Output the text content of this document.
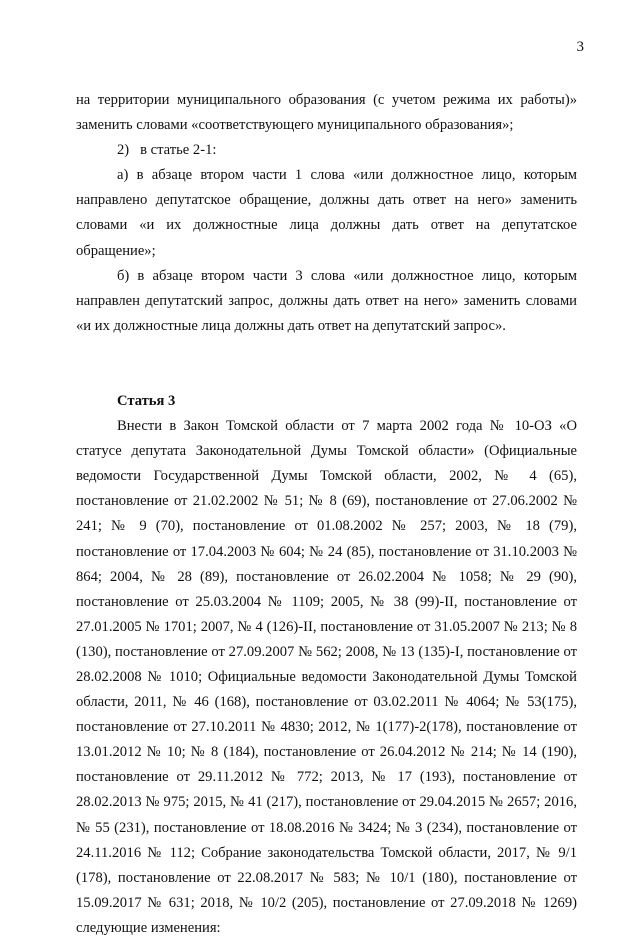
3

на территории муниципального образования (с учетом режима их работы)» заменить словами «соответствующего муниципального образования»;

2)   в статье 2-1:

а) в абзаце втором части 1 слова «или должностное лицо, которым направлено депутатское обращение, должны дать ответ на него» заменить словами «и их должностные лица должны дать ответ на депутатское обращение»;

б) в абзаце втором части 3 слова «или должностное лицо, которым направлен депутатский запрос, должны дать ответ на него» заменить словами «и их должностные лица должны дать ответ на депутатский запрос».

Статья 3

Внести в Закон Томской области от 7 марта 2002 года № 10-ОЗ «О статусе депутата Законодательной Думы Томской области» (Официальные ведомости Государственной Думы Томской области, 2002, № 4 (65), постановление от 21.02.2002 № 51; № 8 (69), постановление от 27.06.2002 № 241; № 9 (70), постановление от 01.08.2002 № 257; 2003, № 18 (79), постановление от 17.04.2003 № 604; № 24 (85), постановление от 31.10.2003 № 864; 2004, № 28 (89), постановление от 26.02.2004 № 1058; № 29 (90), постановление от 25.03.2004 № 1109; 2005, № 38 (99)-II, постановление от 27.01.2005 № 1701; 2007, № 4 (126)-II, постановление от 31.05.2007 № 213; № 8 (130), постановление от 27.09.2007 № 562; 2008, № 13 (135)-I, постановление от 28.02.2008 № 1010; Официальные ведомости Законодательной Думы Томской области, 2011, № 46 (168), постановление от 03.02.2011 № 4064; № 53(175), постановление от 27.10.2011 № 4830; 2012, № 1(177)-2(178), постановление от 13.01.2012 № 10; № 8 (184), постановление от 26.04.2012 № 214; № 14 (190), постановление от 29.11.2012 № 772; 2013, № 17 (193), постановление от 28.02.2013 № 975; 2015, № 41 (217), постановление от 29.04.2015 № 2657; 2016, № 55 (231), постановление от 18.08.2016 № 3424; № 3 (234), постановление от 24.11.2016 № 112; Собрание законодательства Томской области, 2017, № 9/1 (178), постановление от 22.08.2017 № 583; № 10/1 (180), постановление от 15.09.2017 № 631; 2018, № 10/2 (205), постановление от 27.09.2018 № 1269) следующие изменения:
